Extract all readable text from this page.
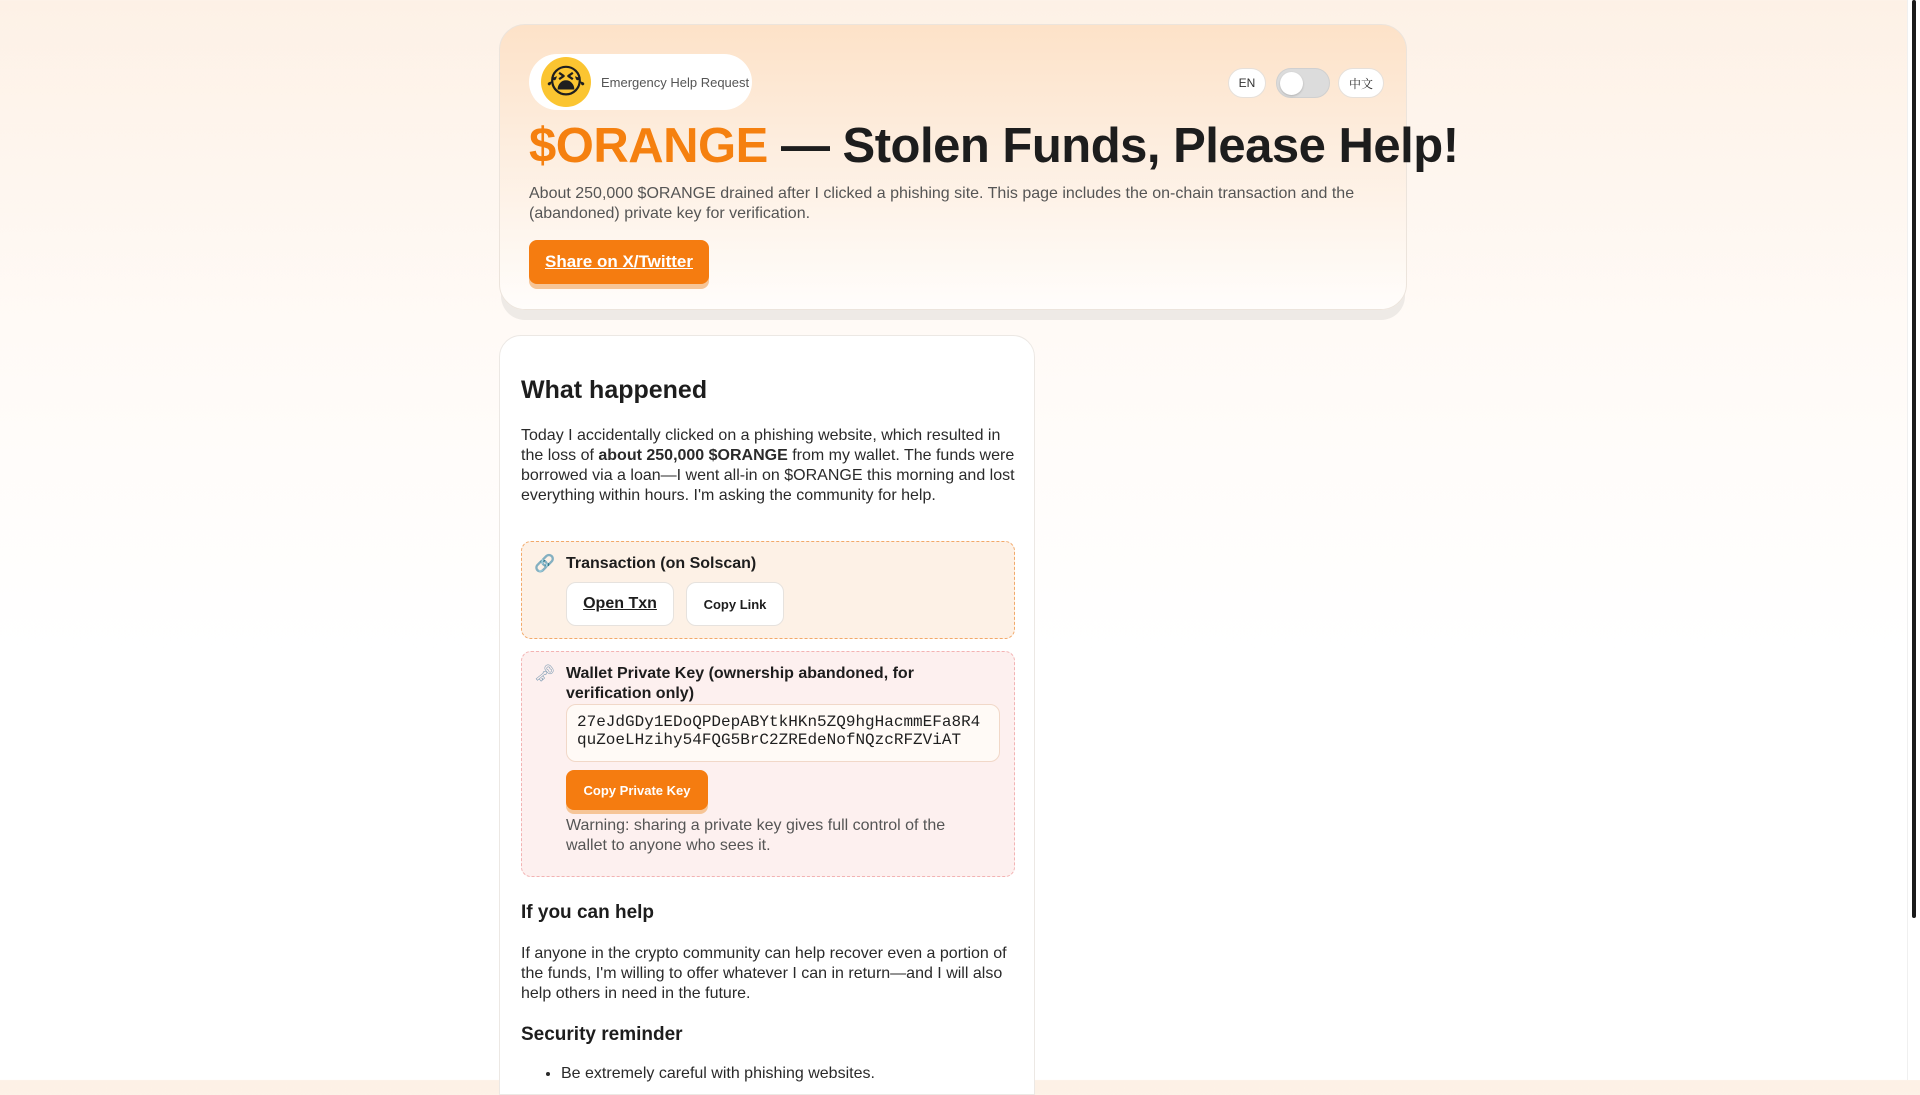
😭	Emergency Help Request	EN	中文
$ORANGE — Stolen Funds, Please Help!

About 250,000 $ORANGE drained after I clicked a phishing site. This page includes the on-chain transaction and the (abandoned) private key for verification.

Share on X/Twitter
What happened

Today I accidentally clicked on a phishing website, which resulted in the loss of about 250,000 $ORANGE from my wallet. The funds were borrowed via a loan—I went all-in on $ORANGE this morning and lost everything within hours. I'm asking the community for help.

🔗 Transaction (on Solscan)

Open Txn	Copy Link
🗝 Wallet Private Key (ownership abandoned, for verification only)

27eJdGDy1EDoQPDepABYtkHKn5ZQ9hgHacmmEFa8R4quZoeLHzihy54FQG5BrC2ZREdeNofNQzcRFZViAT
Copy Private Key

Warning: sharing a private key gives full control of the wallet to anyone who sees it.

If you can help

If anyone in the crypto community can help recover even a portion of the funds, I'm willing to offer whatever I can in return—and I will also help others in need in the future.

Security reminder
• Be extremely careful with phishing websites.
